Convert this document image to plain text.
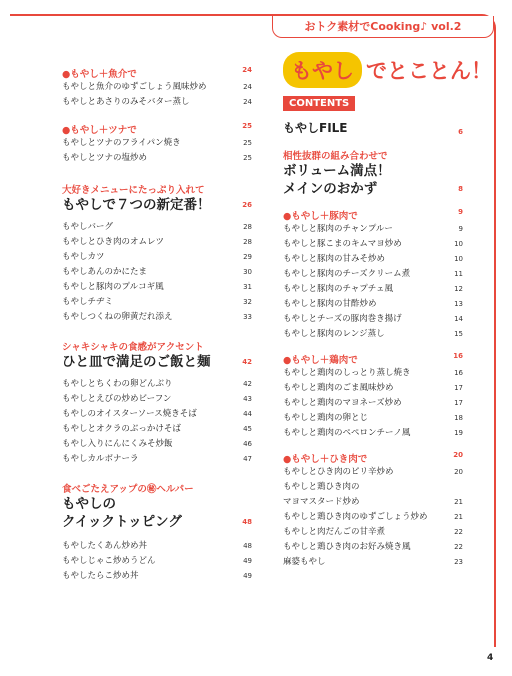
おトク素材でCooking♪ vol.2
●もやし＋魚介で	24
もやしと魚介のゆずごしょう風味炒め	24
もやしとあさりのみそバター蒸し	24
●もやし＋ツナで	25
もやしとツナのフライパン焼き	25
もやしとツナの塩炒め	25
大好きメニューにたっぷり入れて
もやしで７つの新定番！	26
もやしバーグ	28
もやしとひき肉のオムレツ	28
もやしカツ	29
もやしあんのかにたま	30
もやしと豚肉のプルコギ風	31
もやしチヂミ	32
もやしつくねの卵黄だれ添え	33
シャキシャキの食感がアクセント
ひと皿で満足のご飯と麺	42
もやしとちくわの卵どんぶり	42
もやしとえびの炒めビーフン	43
もやしのオイスターソース焼きそば	44
もやしとオクラのぶっかけそば	45
もやし入りにんにくみそ炒飯	46
もやしカルボナーラ	47
食べごたえアップの㊙ヘルパー
もやしの
クイックトッピング	48
もやしたくあん炒め丼	48
もやしじゃこ炒めうどん	49
もやしたらこ炒め丼	49
もやし でとことん！
CONTENTS
もやしFILE	6
相性抜群の組み合わせで
ボリューム満点！
メインのおかず	8
●もやし＋豚肉で	9
もやしと豚肉のチャンプルー	9
もやしと豚こまのキムマヨ炒め	10
もやしと豚肉の甘みそ炒め	10
もやしと豚肉のチーズクリーム煮	11
もやしと豚肉のチャプチェ風	12
もやしと豚肉の甘酢炒め	13
もやしとチーズの豚肉巻き揚げ	14
もやしと豚肉のレンジ蒸し	15
●もやし＋鶏肉で	16
もやしと鶏肉のしっとり蒸し焼き	16
もやしと鶏肉のごま風味炒め	17
もやしと鶏肉のマヨネーズ炒め	17
もやしと鶏肉の卵とじ	18
もやしと鶏肉のペペロンチーノ風	19
●もやし＋ひき肉で	20
もやしとひき肉のピリ辛炒め	20
もやしと鶏ひき肉の
マヨマスタード炒め	21
もやしと鶏ひき肉のゆずごしょう炒め	21
もやしと肉だんごの甘辛煮	22
もやしと鶏ひき肉のお好み焼き風	22
麻婆もやし	23
4
